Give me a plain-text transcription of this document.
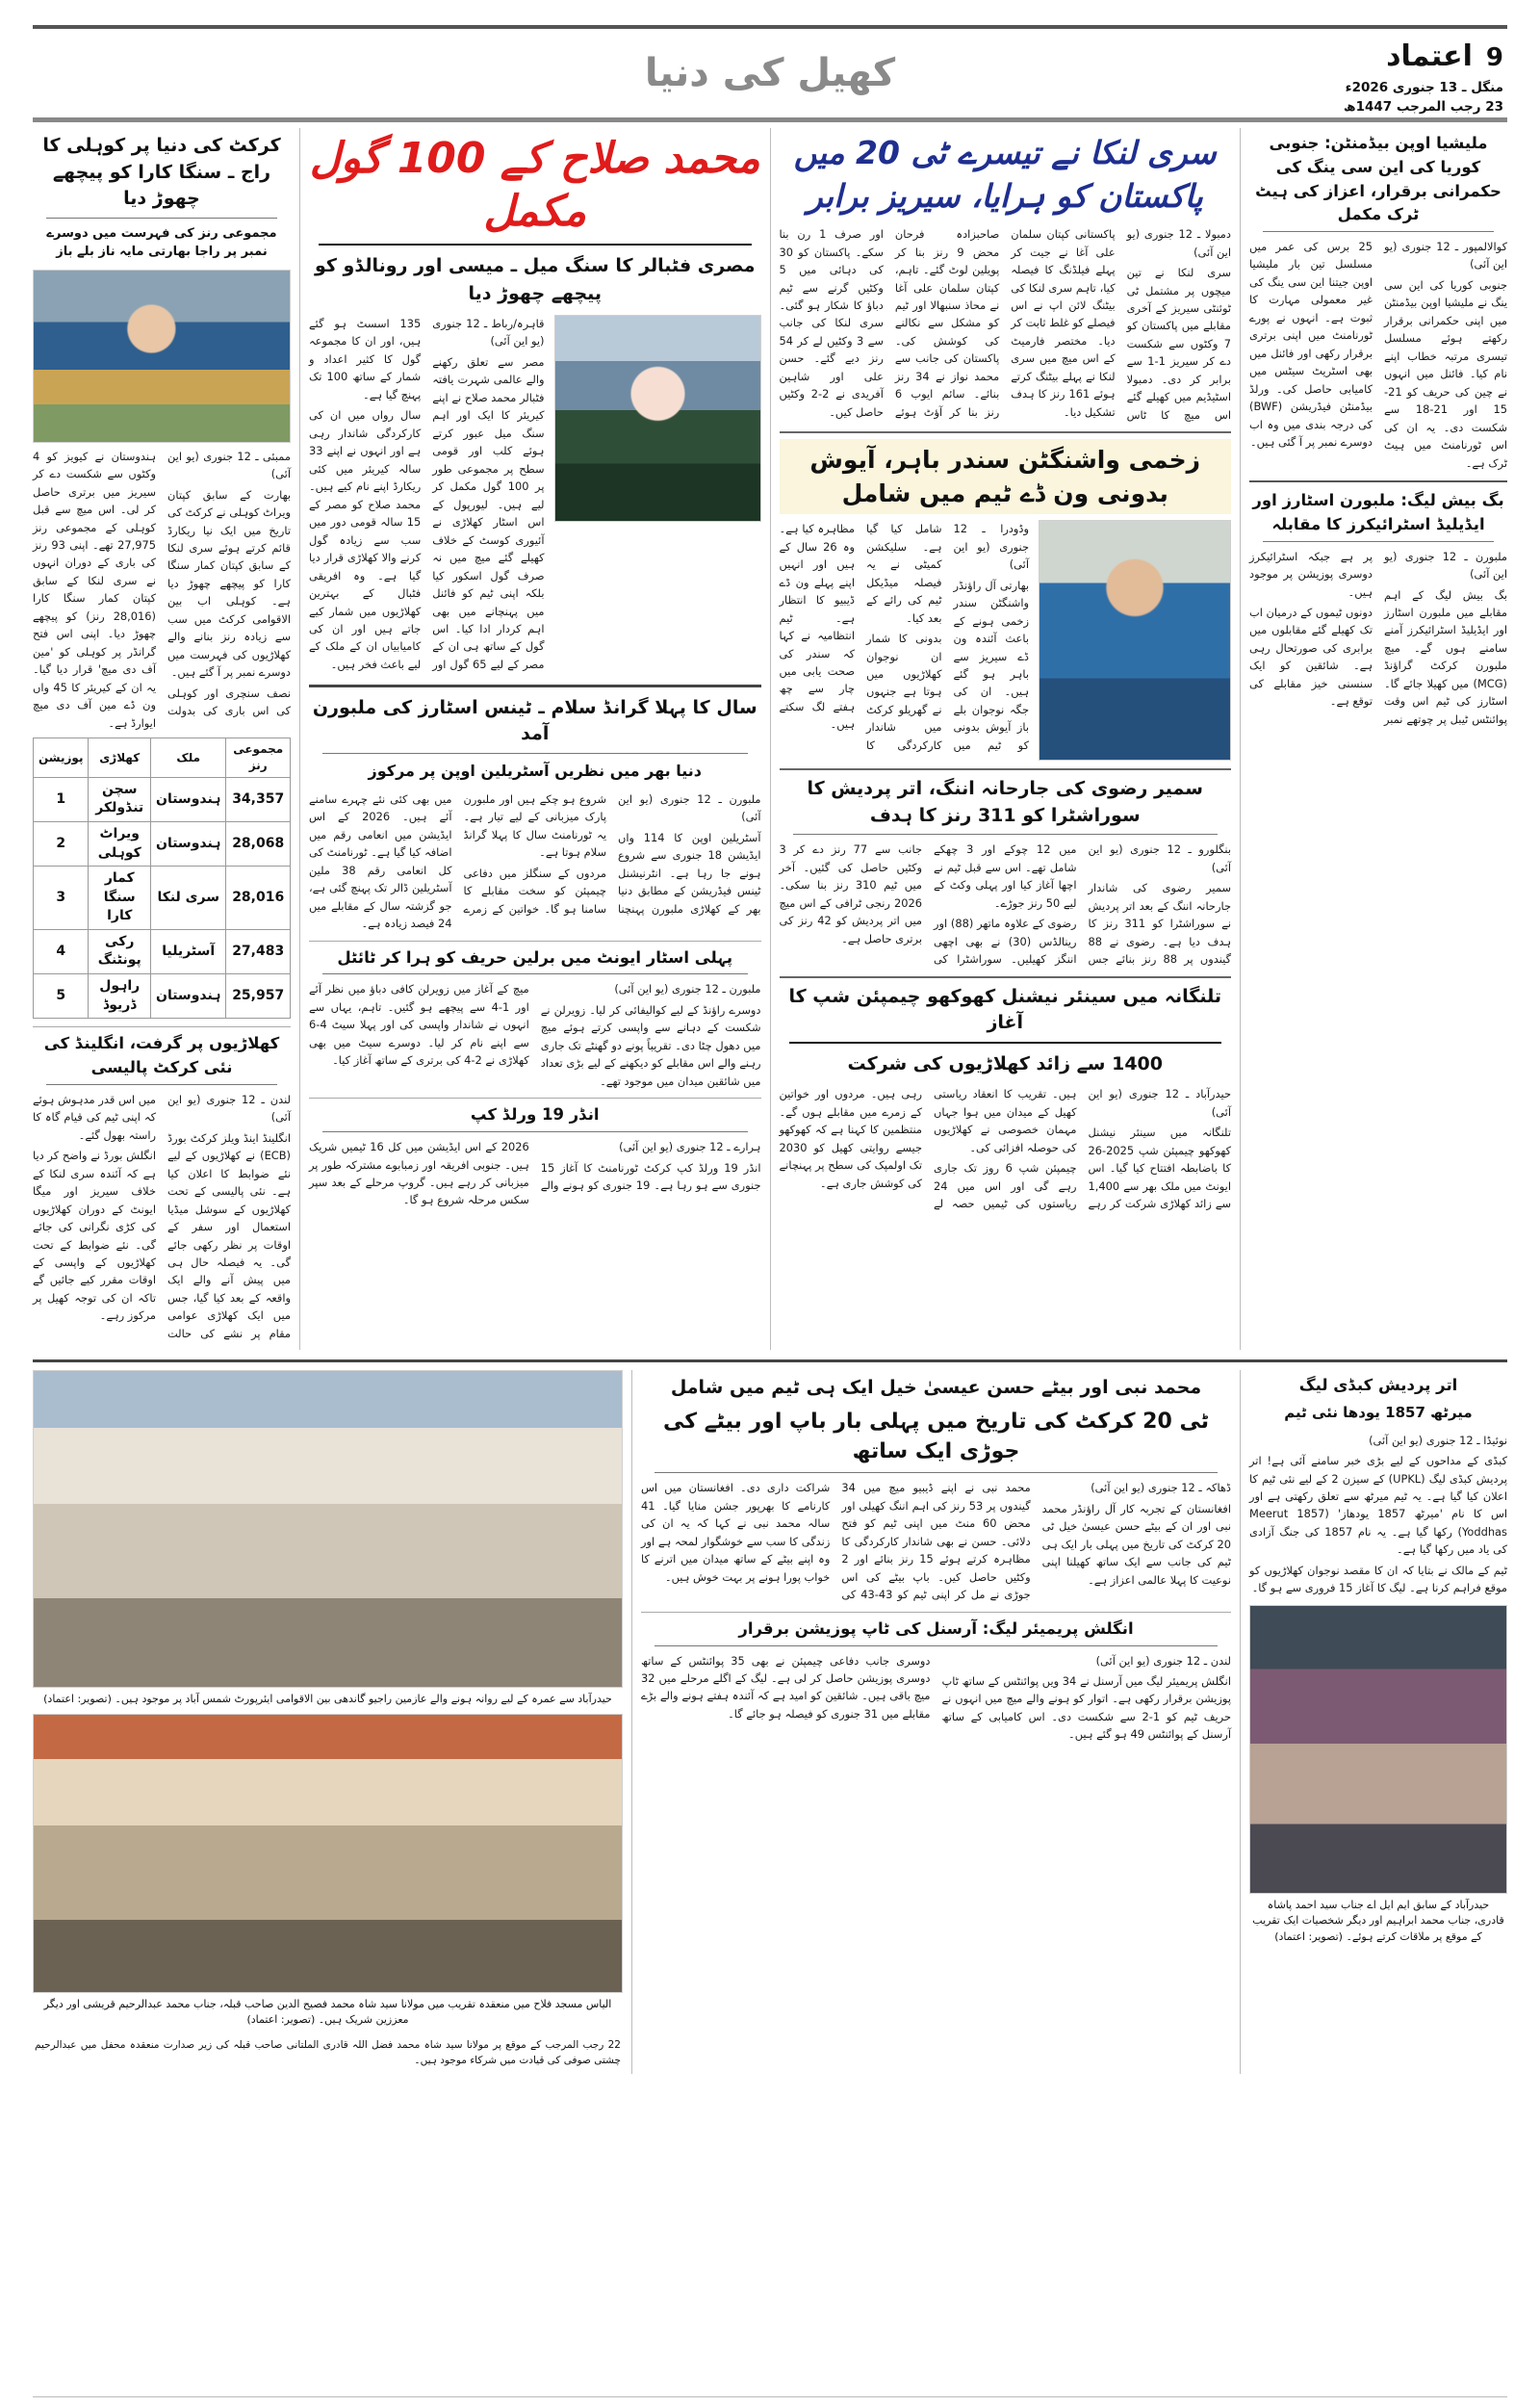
اعتماد 9
منگل ـ 13 جنوری 2026ء
23 رجب المرجب 1447ھ
کھیل کی دنیا
ملیشیا اوپن بیڈمنٹن: جنوبی کوریا کی این سی ینگ کی حکمرانی برقرار، اعزاز کی ہیٹ ٹرک مکمل

کوالالمپور ـ 12 جنوری (یو این آئی)

جنوبی کوریا کی این سی ینگ نے ملیشیا اوپن بیڈمنٹن میں اپنی حکمرانی برقرار رکھتے ہوئے مسلسل تیسری مرتبہ خطاب اپنے نام کیا۔ فائنل میں انہوں نے چین کی حریف کو 21-15 اور 21-18 سے شکست دی۔ یہ ان کی اس ٹورنامنٹ میں ہیٹ ٹرک ہے۔

25 برس کی عمر میں مسلسل تین بار ملیشیا اوپن جیتنا این سی ینگ کی غیر معمولی مہارت کا ثبوت ہے۔ انہوں نے پورے ٹورنامنٹ میں اپنی برتری برقرار رکھی اور فائنل میں بھی اسٹریٹ سیٹس میں کامیابی حاصل کی۔ ورلڈ بیڈمنٹن فیڈریشن (BWF) کی درجہ بندی میں وہ اب دوسرے نمبر پر آ گئی ہیں۔

بگ بیش لیگ: ملبورن اسٹارز اور ایڈیلیڈ اسٹرائیکرز کا مقابلہ

ملبورن ـ 12 جنوری (یو این آئی)

بگ بیش لیگ کے اہم مقابلے میں ملبورن اسٹارز اور ایڈیلیڈ اسٹرائیکرز آمنے سامنے ہوں گے۔ میچ ملبورن کرکٹ گراؤنڈ (MCG) میں کھیلا جائے گا۔ اسٹارز کی ٹیم اس وقت پوائنٹس ٹیبل پر چوتھے نمبر پر ہے جبکہ اسٹرائیکرز دوسری پوزیشن پر موجود ہیں۔

دونوں ٹیموں کے درمیان اب تک کھیلے گئے مقابلوں میں برابری کی صورتحال رہی ہے۔ شائقین کو ایک سنسنی خیز مقابلے کی توقع ہے۔

سری لنکا نے تیسرے ٹی 20 میں پاکستان کو ہرایا، سیریز برابر

دمبولا ـ 12 جنوری (یو این آئی)

سری لنکا نے تین میچوں پر مشتمل ٹی ٹوئنٹی سیریز کے آخری مقابلے میں پاکستان کو 7 وکٹوں سے شکست دے کر سیریز 1-1 سے برابر کر دی۔ دمبولا اسٹیڈیم میں کھیلے گئے اس میچ کا ٹاس پاکستانی کپتان سلمان علی آغا نے جیت کر پہلے فیلڈنگ کا فیصلہ کیا، تاہم سری لنکا کی بیٹنگ لائن اپ نے اس فیصلے کو غلط ثابت کر دیا۔ مختصر فارمیٹ کے اس میچ میں سری لنکا نے پہلے بیٹنگ کرتے ہوئے 161 رنز کا ہدف تشکیل دیا۔

صاحبزادہ فرحان محض 9 رنز بنا کر پویلین لوٹ گئے۔ تاہم، کپتان سلمان علی آغا نے محاذ سنبھالا اور ٹیم کو مشکل سے نکالنے کی کوشش کی۔ پاکستان کی جانب سے محمد نواز نے 34 رنز بنائے۔ سائم ایوب 6 رنز بنا کر آؤٹ ہوئے اور صرف 1 رن بنا سکے۔ پاکستان کو 30 کی دہائی میں 5 وکٹیں گرنے سے ٹیم دباؤ کا شکار ہو گئی۔ سری لنکا کی جانب سے 3 وکٹیں لے کر 54 رنز دیے گئے۔ حسن علی اور شاہین آفریدی نے 2-2 وکٹیں حاصل کیں۔

زخمی واشنگٹن سندر باہر، آیوش بدونی ون ڈے ٹیم میں شامل

وڈودرا ـ 12 جنوری (یو این آئی)

بھارتی آل راؤنڈر واشنگٹن سندر زخمی ہونے کے باعث آئندہ ون ڈے سیریز سے باہر ہو گئے ہیں۔ ان کی جگہ نوجوان بلے باز آیوش بدونی کو ٹیم میں شامل کیا گیا ہے۔ سلیکشن کمیٹی نے یہ فیصلہ میڈیکل ٹیم کی رائے کے بعد کیا۔

بدونی کا شمار ان نوجوان کھلاڑیوں میں ہوتا ہے جنہوں نے گھریلو کرکٹ میں شاندار کارکردگی کا مظاہرہ کیا ہے۔ وہ 26 سال کے ہیں اور انہیں اپنے پہلے ون ڈے ڈیبیو کا انتظار ہے۔ ٹیم انتظامیہ نے کہا کہ سندر کی صحت یابی میں چار سے چھ ہفتے لگ سکتے ہیں۔

سمیر رضوی کی جارحانہ اننگ، اتر پردیش کا سوراشٹرا کو 311 رنز کا ہدف

بنگلورو ـ 12 جنوری (یو این آئی)

سمیر رضوی کی شاندار جارحانہ اننگ کے بعد اتر پردیش نے سوراشٹرا کو 311 رنز کا ہدف دیا ہے۔ رضوی نے 88 گیندوں پر 88 رنز بنائے جس میں 12 چوکے اور 3 چھکے شامل تھے۔ اس سے قبل ٹیم نے اچھا آغاز کیا اور پہلی وکٹ کے لیے 50 رنز جوڑے۔

رضوی کے علاوہ ماتھر (88) اور رینالڈس (30) نے بھی اچھی اننگز کھیلیں۔ سوراشٹرا کی جانب سے 77 رنز دے کر 3 وکٹیں حاصل کی گئیں۔ آخر میں ٹیم 310 رنز بنا سکی۔ 2026 رنجی ٹرافی کے اس میچ میں اتر پردیش کو 42 رنز کی برتری حاصل ہے۔

تلنگانہ میں سینئر نیشنل کھوکھو چیمپئن شپ کا آغاز
1400 سے زائد کھلاڑیوں کی شرکت

حیدرآباد ـ 12 جنوری (یو این آئی)

تلنگانہ میں سینئر نیشنل کھوکھو چیمپئن شپ 2025-26 کا باضابطہ افتتاح کیا گیا۔ اس ایونٹ میں ملک بھر سے 1,400 سے زائد کھلاڑی شرکت کر رہے ہیں۔ تقریب کا انعقاد ریاستی کھیل کے میدان میں ہوا جہاں مہمان خصوصی نے کھلاڑیوں کی حوصلہ افزائی کی۔

چیمپئن شپ 6 روز تک جاری رہے گی اور اس میں 24 ریاستوں کی ٹیمیں حصہ لے رہی ہیں۔ مردوں اور خواتین کے زمرے میں مقابلے ہوں گے۔ منتظمین کا کہنا ہے کہ کھوکھو جیسے روایتی کھیل کو 2030 تک اولمپک کی سطح پر پہنچانے کی کوشش جاری ہے۔

محمد صلاح کے 100 گول مکمل
مصری فٹبالر کا سنگ میل ـ میسی اور رونالڈو کو پیچھے چھوڑ دیا

قاہرہ/رباط ـ 12 جنوری (یو این آئی)

مصر سے تعلق رکھنے والے عالمی شہرت یافتہ فٹبالر محمد صلاح نے اپنے کیریئر کا ایک اور اہم سنگ میل عبور کرتے ہوئے کلب اور قومی سطح پر مجموعی طور پر 100 گول مکمل کر لیے ہیں۔ لیورپول کے اس اسٹار کھلاڑی نے آئیوری کوسٹ کے خلاف کھیلے گئے میچ میں نہ صرف گول اسکور کیا بلکہ اپنی ٹیم کو فائنل میں پہنچانے میں بھی اہم کردار ادا کیا۔ اس گول کے ساتھ ہی ان کے مصر کے لیے 65 گول اور 135 اسسٹ ہو گئے ہیں، اور ان کا مجموعہ گول کا کثیر اعداد و شمار کے ساتھ 100 تک پہنچ گیا ہے۔

سال رواں میں ان کی کارکردگی شاندار رہی ہے اور انہوں نے اپنے 33 سالہ کیریئر میں کئی ریکارڈ اپنے نام کیے ہیں۔ محمد صلاح کو مصر کے 15 سالہ قومی دور میں سب سے زیادہ گول کرنے والا کھلاڑی قرار دیا گیا ہے۔ وہ افریقی فٹبال کے بہترین کھلاڑیوں میں شمار کیے جاتے ہیں اور ان کی کامیابیاں ان کے ملک کے لیے باعث فخر ہیں۔

سال کا پہلا گرانڈ سلام ـ ٹینس اسٹارز کی ملبورن آمد
دنیا بھر میں نظریں آسٹریلین اوپن پر مرکوز

ملبورن ـ 12 جنوری (یو این آئی)

آسٹریلین اوپن کا 114 واں ایڈیشن 18 جنوری سے شروع ہونے جا رہا ہے۔ انٹرنیشنل ٹینس فیڈریشن کے مطابق دنیا بھر کے کھلاڑی ملبورن پہنچنا شروع ہو چکے ہیں اور ملبورن پارک میزبانی کے لیے تیار ہے۔ یہ ٹورنامنٹ سال کا پہلا گرانڈ سلام ہوتا ہے۔

مردوں کے سنگلز میں دفاعی چیمپئن کو سخت مقابلے کا سامنا ہو گا۔ خواتین کے زمرے میں بھی کئی نئے چہرے سامنے آئے ہیں۔ 2026 کے اس ایڈیشن میں انعامی رقم میں اضافہ کیا گیا ہے۔ ٹورنامنٹ کی کل انعامی رقم 38 ملین آسٹریلین ڈالر تک پہنچ گئی ہے، جو گزشتہ سال کے مقابلے میں 24 فیصد زیادہ ہے۔

پہلی اسٹار ایونٹ میں برلین حریف کو ہرا کر ٹائٹل

ملبورن ـ 12 جنوری (یو این آئی)

دوسرے راؤنڈ کے لیے کوالیفائی کر لیا۔ زویرلن نے شکست کے دہانے سے واپسی کرتے ہوئے میچ میں دھول چٹا دی۔ تقریباً پونے دو گھنٹے تک جاری رہنے والے اس مقابلے کو دیکھنے کے لیے بڑی تعداد میں شائقین میدان میں موجود تھے۔

میچ کے آغاز میں زویرلن کافی دباؤ میں نظر آئے اور 1-4 سے پیچھے ہو گئیں۔ تاہم، یہاں سے انہوں نے شاندار واپسی کی اور پہلا سیٹ 4-6 سے اپنے نام کر لیا۔ دوسرے سیٹ میں بھی کھلاڑی نے 2-4 کی برتری کے ساتھ آغاز کیا۔

انڈر 19 ورلڈ کپ

ہرارے ـ 12 جنوری (یو این آئی)

انڈر 19 ورلڈ کپ کرکٹ ٹورنامنٹ کا آغاز 15 جنوری سے ہو رہا ہے۔ 19 جنوری کو ہونے والے 2026 کے اس ایڈیشن میں کل 16 ٹیمیں شریک ہیں۔ جنوبی افریقہ اور زمبابوے مشترکہ طور پر میزبانی کر رہے ہیں۔ گروپ مرحلے کے بعد سپر سکس مرحلہ شروع ہو گا۔

کرکٹ کی دنیا پر کوہلی کا راج ـ سنگا کارا کو پیچھے چھوڑ دیا
مجموعی رنز کی فہرست میں دوسرے نمبر پر راجا بھارتی مایہ ناز بلے باز

ممبئی ـ 12 جنوری (یو این آئی)

بھارت کے سابق کپتان ویراٹ کوہلی نے کرکٹ کی تاریخ میں ایک نیا ریکارڈ قائم کرتے ہوئے سری لنکا کے سابق کپتان کمار سنگا کارا کو پیچھے چھوڑ دیا ہے۔ کوہلی اب بین الاقوامی کرکٹ میں سب سے زیادہ رنز بنانے والے کھلاڑیوں کی فہرست میں دوسرے نمبر پر آ گئے ہیں۔

نصف سنچری اور کوہلی کی اس باری کی بدولت ہندوستان نے کیویز کو 4 وکٹوں سے شکست دے کر سیریز میں برتری حاصل کر لی۔ اس میچ سے قبل کوہلی کے مجموعی رنز 27,975 تھے۔ اپنی 93 رنز کی باری کے دوران انہوں نے سری لنکا کے سابق کپتان کمار سنگا کارا (28,016 رنز) کو پیچھے چھوڑ دیا۔ اپنی اس فتح گرانڈر پر کوہلی کو 'مین آف دی میچ' قرار دیا گیا۔ یہ ان کے کیریئر کا 45 واں ون ڈے مین آف دی میچ ایوارڈ ہے۔

مجموعی رنز	ملک	کھلاڑی	پوزیشن
34,357	ہندوستان	سچن تنڈولکر	1
28,068	ہندوستان	ویراٹ کوہلی	2
28,016	سری لنکا	کمار سنگا کارا	3
27,483	آسٹریلیا	رکی پونٹنگ	4
25,957	ہندوستان	راہول ڈریوڈ	5
کھلاڑیوں پر گرفت، انگلینڈ کی نئی کرکٹ پالیسی

لندن ـ 12 جنوری (یو این آئی)

انگلینڈ اینڈ ویلز کرکٹ بورڈ (ECB) نے کھلاڑیوں کے لیے نئے ضوابط کا اعلان کیا ہے۔ نئی پالیسی کے تحت کھلاڑیوں کے سوشل میڈیا استعمال اور سفر کے اوقات پر نظر رکھی جائے گی۔ یہ فیصلہ حال ہی میں پیش آنے والے ایک واقعہ کے بعد کیا گیا، جس میں ایک کھلاڑی عوامی مقام پر نشے کی حالت میں اس قدر مدہوش ہوئے کہ اپنی ٹیم کی قیام گاہ کا راستہ بھول گئے۔

انگلش بورڈ نے واضح کر دیا ہے کہ آئندہ سری لنکا کے خلاف سیریز اور میگا ایونٹ کے دوران کھلاڑیوں کی کڑی نگرانی کی جائے گی۔ نئے ضوابط کے تحت کھلاڑیوں کے واپسی کے اوقات مقرر کیے جائیں گے تاکہ ان کی توجہ کھیل پر مرکوز رہے۔

اتر پردیش کبڈی لیگ
میرٹھ 1857 یودھا نئی ٹیم

نوئیڈا ـ 12 جنوری (یو این آئی)

کبڈی کے مداحوں کے لیے بڑی خبر سامنے آئی ہے! اتر پردیش کبڈی لیگ (UPKL) کے سیزن 2 کے لیے نئی ٹیم کا اعلان کیا گیا ہے۔ یہ ٹیم میرٹھ سے تعلق رکھتی ہے اور اس کا نام 'میرٹھ 1857 یودھاز' (Meerut 1857 Yoddhas) رکھا گیا ہے۔ یہ نام 1857 کی جنگ آزادی کی یاد میں رکھا گیا ہے۔

ٹیم کے مالک نے بتایا کہ ان کا مقصد نوجوان کھلاڑیوں کو موقع فراہم کرنا ہے۔ لیگ کا آغاز 15 فروری سے ہو گا۔

حیدرآباد کے سابق ایم ایل اے جناب سید احمد پاشاہ قادری، جناب محمد ابراہیم اور دیگر شخصیات ایک تقریب کے موقع پر ملاقات کرتے ہوئے۔ (تصویر: اعتماد)
محمد نبی اور بیٹے حسن عیسیٰ خیل ایک ہی ٹیم میں شامل
ٹی 20 کرکٹ کی تاریخ میں پہلی بار باپ اور بیٹے کی جوڑی ایک ساتھ

ڈھاکہ ـ 12 جنوری (یو این آئی)

افغانستان کے تجربہ کار آل راؤنڈر محمد نبی اور ان کے بیٹے حسن عیسیٰ خیل ٹی 20 کرکٹ کی تاریخ میں پہلی بار ایک ہی ٹیم کی جانب سے ایک ساتھ کھیلنا اپنی نوعیت کا پہلا عالمی اعزاز ہے۔

محمد نبی نے اپنے ڈیبیو میچ میں 34 گیندوں پر 53 رنز کی اہم اننگ کھیلی اور محض 60 منٹ میں اپنی ٹیم کو فتح دلائی۔ حسن نے بھی شاندار کارکردگی کا مظاہرہ کرتے ہوئے 15 رنز بنائے اور 2 وکٹیں حاصل کیں۔ باپ بیٹے کی اس جوڑی نے مل کر اپنی ٹیم کو 43-43 کی شراکت داری دی۔ افغانستان میں اس کارنامے کا بھرپور جشن منایا گیا۔ 41 سالہ محمد نبی نے کہا کہ یہ ان کی زندگی کا سب سے خوشگوار لمحہ ہے اور وہ اپنے بیٹے کے ساتھ میدان میں اترنے کا خواب پورا ہونے پر بہت خوش ہیں۔

انگلش پریمیئر لیگ: آرسنل کی ٹاپ پوزیشن برقرار

لندن ـ 12 جنوری (یو این آئی)

انگلش پریمیئر لیگ میں آرسنل نے 34 ویں پوائنٹس کے ساتھ ٹاپ پوزیشن برقرار رکھی ہے۔ اتوار کو ہونے والے میچ میں انہوں نے حریف ٹیم کو 1-2 سے شکست دی۔ اس کامیابی کے ساتھ آرسنل کے پوائنٹس 49 ہو گئے ہیں۔

دوسری جانب دفاعی چیمپئن نے بھی 35 پوائنٹس کے ساتھ دوسری پوزیشن حاصل کر لی ہے۔ لیگ کے اگلے مرحلے میں 32 میچ باقی ہیں۔ شائقین کو امید ہے کہ آئندہ ہفتے ہونے والے بڑے مقابلے میں 31 جنوری کو فیصلہ ہو جائے گا۔

حیدرآباد سے عمرہ کے لیے روانہ ہونے والے عازمین راجیو گاندھی بین الاقوامی ایئرپورٹ شمس آباد پر موجود ہیں۔ (تصویر: اعتماد)
الیاس مسجد فلاح میں منعقدہ تقریب میں مولانا سید شاہ محمد فصیح الدین صاحب قبلہ، جناب محمد عبدالرحیم قریشی اور دیگر معززین شریک ہیں۔ (تصویر: اعتماد)
22 رجب المرجب کے موقع پر مولانا سید شاہ محمد فضل اللہ قادری الملتانی صاحب قبلہ کی زیر صدارت منعقدہ محفل میں عبدالرحیم چشتی صوفی کی قیادت میں شرکاء موجود ہیں۔
